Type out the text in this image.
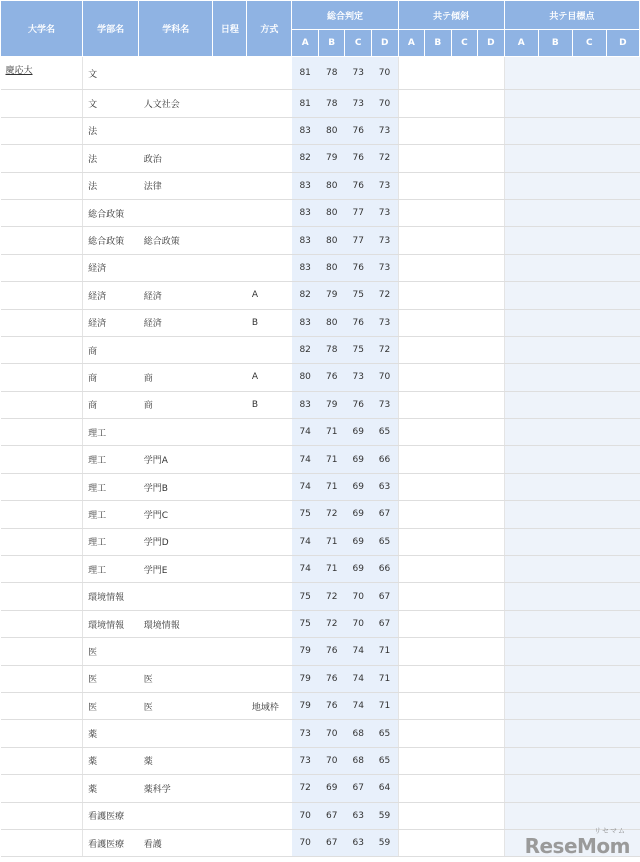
大学名	学部名	学科名	日程	方式	総合判定				共テ傾斜				共テ目標点			
					A	B	C	D	A	B	C	D	A	B	C	D
慶応大	文				81	78	73	70								
	文	人文社会			81	78	73	70								
	法				83	80	76	73								
	法	政治			82	79	76	72								
	法	法律			83	80	76	73								
	総合政策				83	80	77	73								
	総合政策	総合政策			83	80	77	73								
	経済				83	80	76	73								
	経済	経済		A	82	79	75	72								
	経済	経済		B	83	80	76	73								
	商				82	78	75	72								
	商	商		A	80	76	73	70								
	商	商		B	83	79	76	73								
	理工				74	71	69	65								
	理工	学門A			74	71	69	66								
	理工	学門B			74	71	69	63								
	理工	学門C			75	72	69	67								
	理工	学門D			74	71	69	65								
	理工	学門E			74	71	69	66								
	環境情報				75	72	70	67								
	環境情報	環境情報			75	72	70	67								
	医				79	76	74	71								
	医	医			79	76	74	71								
	医	医		地域枠	79	76	74	71								
	薬				73	70	68	65								
	薬	薬			73	70	68	65								
	薬	薬科学			72	69	67	64								
	看護医療				70	67	63	59								
	看護医療	看護			70	67	63	59								
リセマム
ReseMom
